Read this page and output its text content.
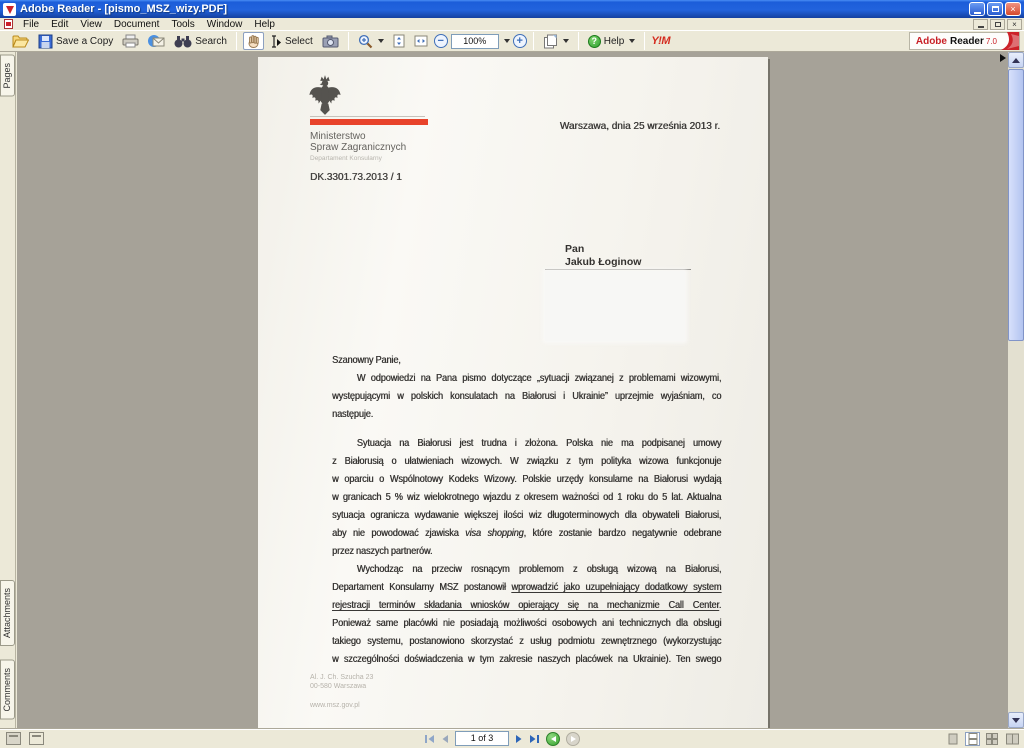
Adobe Reader - [pismo_MSZ_wizy.PDF]	×
File	Edit	View	Document	Tools	Window	Help	×
Save a Copy	Search	Select	− 100%	+	? Help Y!M	Adobe Reader 7.0
Pages
Attachments
Comments
Ministerstwo
Spraw Zagranicznych
Departament Konsularny
DK.3301.73.2013 / 1
Warszawa, dnia 25 września 2013 r.
Pan
Jakub Łoginow
Szanowny Panie,
W odpowiedzi na Pana pismo dotyczące „sytuacji związanej z problemami wizowymi,
występującymi w polskich konsulatach na Białorusi i Ukrainie” uprzejmie wyjaśniam, co
następuje.
Sytuacja na Białorusi jest trudna i złożona. Polska nie ma podpisanej umowy
z Białorusią o ułatwieniach wizowych. W związku z tym polityka wizowa funkcjonuje
w oparciu o Wspólnotowy Kodeks Wizowy. Polskie urzędy konsularne na Białorusi wydają
w granicach 5 % wiz wielokrotnego wjazdu z okresem ważności od 1 roku do 5 lat. Aktualna
sytuacja ogranicza wydawanie większej ilości wiz długoterminowych dla obywateli Białorusi,
aby nie powodować zjawiska visa shopping, które zostanie bardzo negatywnie odebrane
przez naszych partnerów.
Wychodząc na przeciw rosnącym problemom z obsługą wizową na Białorusi,
Departament Konsularny MSZ postanowił wprowadzić jako uzupełniający dodatkowy system
rejestracji terminów składania wniosków opierający się na mechanizmie Call Center.
Ponieważ same placówki nie posiadają możliwości osobowych ani technicznych dla obsługi
takiego systemu, postanowiono skorzystać z usług podmiotu zewnętrznego (wykorzystując
w szczególności doświadczenia w tym zakresie naszych placówek na Ukrainie). Ten swego
Al. J. Ch. Szucha 23
00-580 Warszawa
www.msz.gov.pl
1 of 3
